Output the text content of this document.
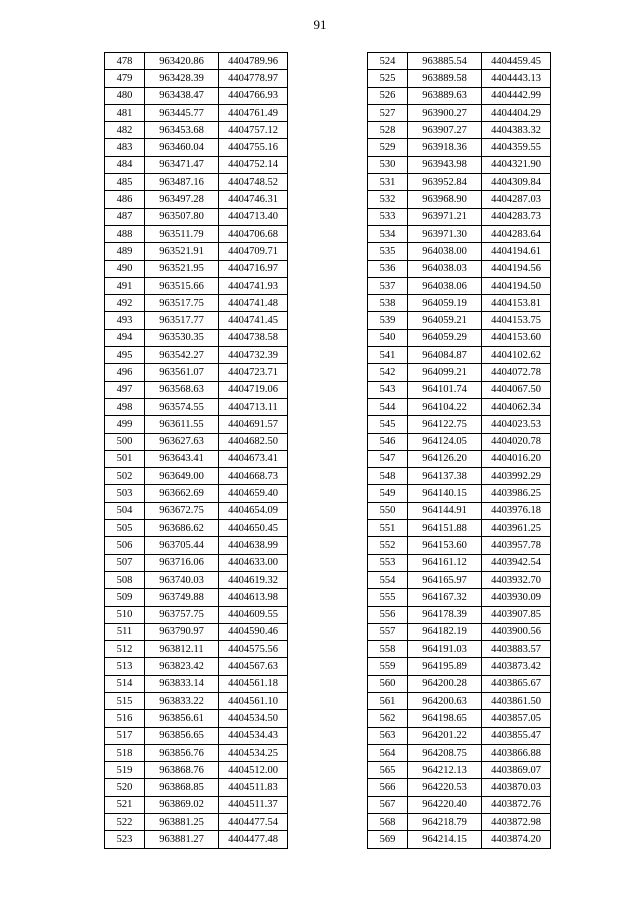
91
478	963420.86	4404789.96
479	963428.39	4404778.97
480	963438.47	4404766.93
481	963445.77	4404761.49
482	963453.68	4404757.12
483	963460.04	4404755.16
484	963471.47	4404752.14
485	963487.16	4404748.52
486	963497.28	4404746.31
487	963507.80	4404713.40
488	963511.79	4404706.68
489	963521.91	4404709.71
490	963521.95	4404716.97
491	963515.66	4404741.93
492	963517.75	4404741.48
493	963517.77	4404741.45
494	963530.35	4404738.58
495	963542.27	4404732.39
496	963561.07	4404723.71
497	963568.63	4404719.06
498	963574.55	4404713.11
499	963611.55	4404691.57
500	963627.63	4404682.50
501	963643.41	4404673.41
502	963649.00	4404668.73
503	963662.69	4404659.40
504	963672.75	4404654.09
505	963686.62	4404650.45
506	963705.44	4404638.99
507	963716.06	4404633.00
508	963740.03	4404619.32
509	963749.88	4404613.98
510	963757.75	4404609.55
511	963790.97	4404590.46
512	963812.11	4404575.56
513	963823.42	4404567.63
514	963833.14	4404561.18
515	963833.22	4404561.10
516	963856.61	4404534.50
517	963856.65	4404534.43
518	963856.76	4404534.25
519	963868.76	4404512.00
520	963868.85	4404511.83
521	963869.02	4404511.37
522	963881.25	4404477.54
523	963881.27	4404477.48
524	963885.54	4404459.45
525	963889.58	4404443.13
526	963889.63	4404442.99
527	963900.27	4404404.29
528	963907.27	4404383.32
529	963918.36	4404359.55
530	963943.98	4404321.90
531	963952.84	4404309.84
532	963968.90	4404287.03
533	963971.21	4404283.73
534	963971.30	4404283.64
535	964038.00	4404194.61
536	964038.03	4404194.56
537	964038.06	4404194.50
538	964059.19	4404153.81
539	964059.21	4404153.75
540	964059.29	4404153.60
541	964084.87	4404102.62
542	964099.21	4404072.78
543	964101.74	4404067.50
544	964104.22	4404062.34
545	964122.75	4404023.53
546	964124.05	4404020.78
547	964126.20	4404016.20
548	964137.38	4403992.29
549	964140.15	4403986.25
550	964144.91	4403976.18
551	964151.88	4403961.25
552	964153.60	4403957.78
553	964161.12	4403942.54
554	964165.97	4403932.70
555	964167.32	4403930.09
556	964178.39	4403907.85
557	964182.19	4403900.56
558	964191.03	4403883.57
559	964195.89	4403873.42
560	964200.28	4403865.67
561	964200.63	4403861.50
562	964198.65	4403857.05
563	964201.22	4403855.47
564	964208.75	4403866.88
565	964212.13	4403869.07
566	964220.53	4403870.03
567	964220.40	4403872.76
568	964218.79	4403872.98
569	964214.15	4403874.20
